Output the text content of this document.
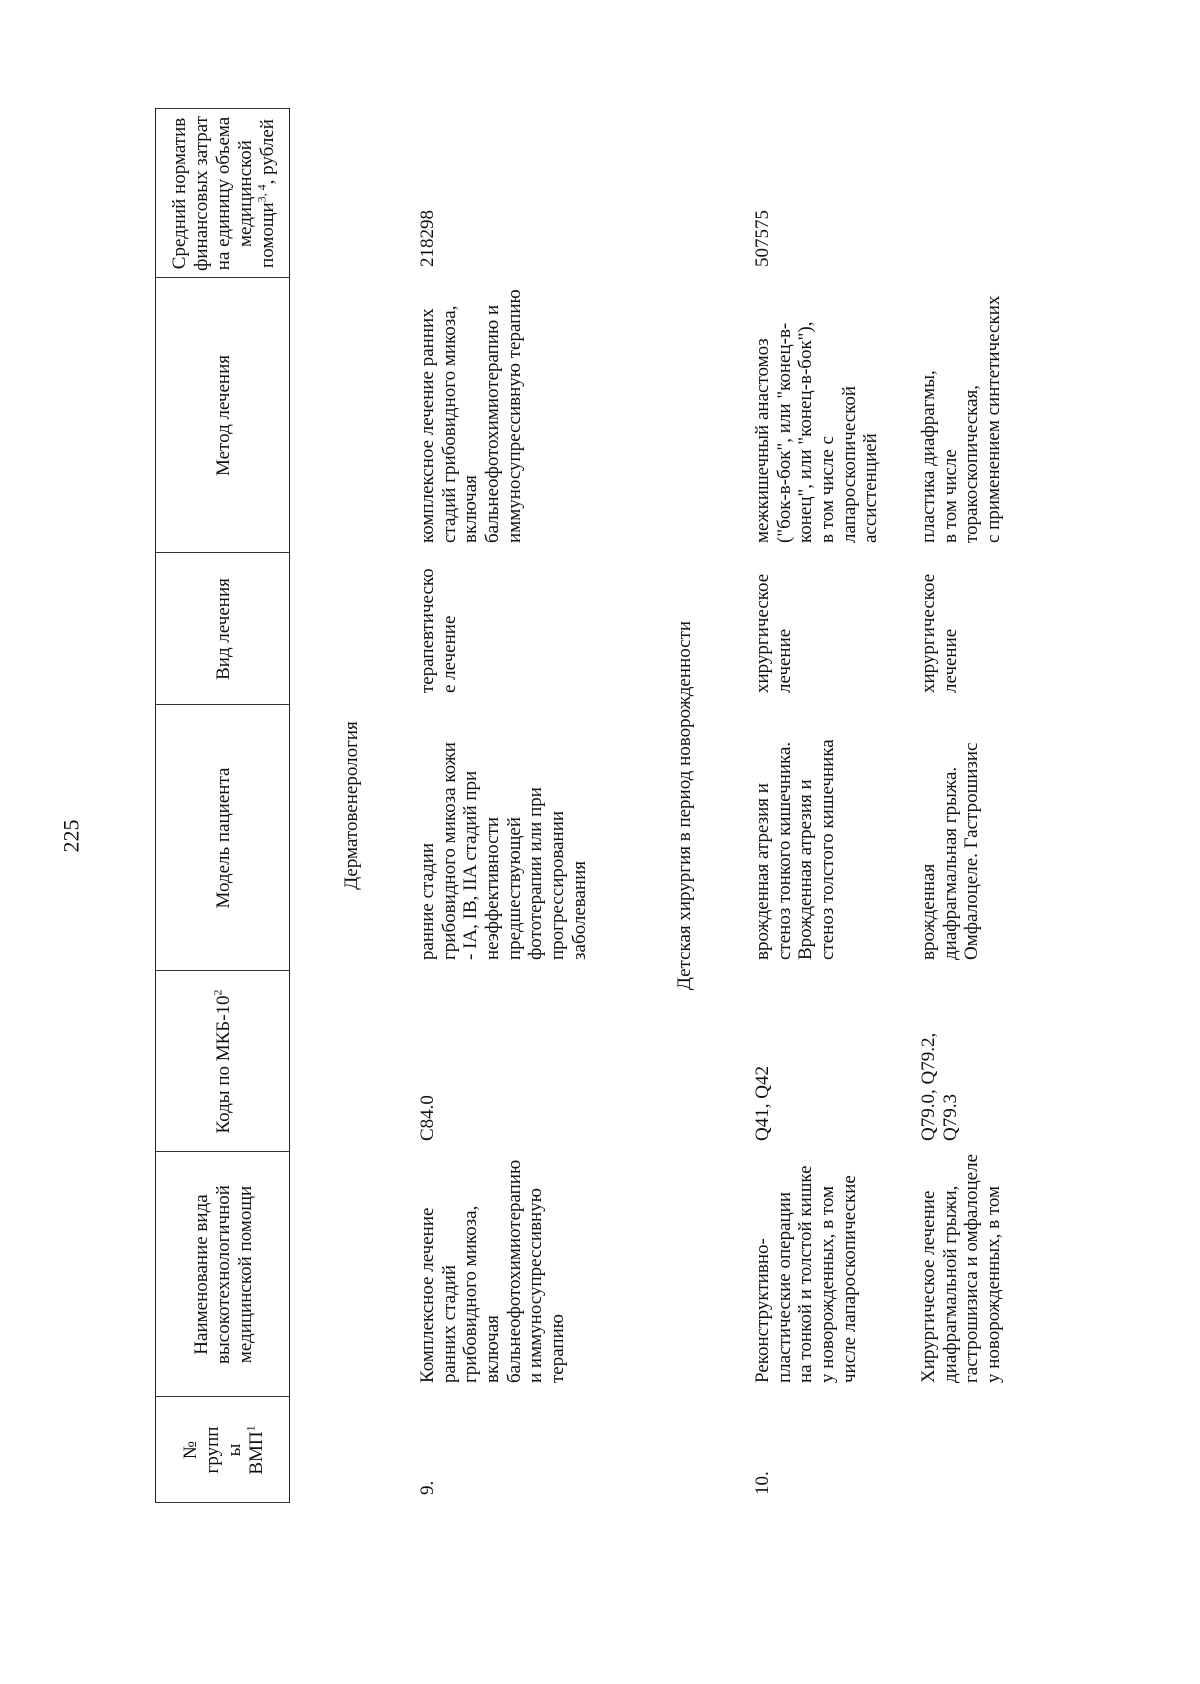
225
№
групп
ы
ВМП$^1$
Наименование вида высокотехнологичной медицинской помощи
Коды по МКБ-$10^2$
Модель пациента
Вид лечения
Метод лечения
Средний норматив финансовых затрат на единицу объема медицинской помощи$^{3, 4}$, рублей
Дерматовенерология
9.
Комплексное лечение
ранних стадий
грибовидного микоза,
включая
бальнеофотохимиотерапию
и иммуносупрессивную
терапию
C84.0
ранние стадии
грибовидного микоза кожи
- IA, IB, IIA стадий при
неэффективности
предшествующей
фототерапии или при
прогрессировании
заболевания
терапевтическо
е лечение
комплексное лечение ранних
стадий грибовидного микоза,
включая
бальнеофотохимиотерапию и
иммуносупрессивную терапию
218298
Детская хирургия в период новорожденности
10.
Реконструктивно-
пластические операции
на тонкой и толстой кишке
у новорожденных, в том
числе лапароскопические
Q41, Q42
врожденная атрезия и
стеноз тонкого кишечника.
Врожденная атрезия и
стеноз толстого кишечника
хирургическое
лечение
межкишечный анастомоз
("бок-в-бок", или "конец-в-
конец", или "конец-в-бок"),
в том числе с
лапароскопической
ассистенцией
507575
Хирургическое лечение
диафрагмальной грыжи,
гастрошизиса и омфалоцеле
у новорожденных, в том
Q79.0, Q79.2,
Q79.3
врожденная
диафрагмальная грыжа.
Омфалоцеле. Гастрошизис
хирургическое
лечение
пластика диафрагмы,
в том числе
торакоскопическая,
с применением синтетических
